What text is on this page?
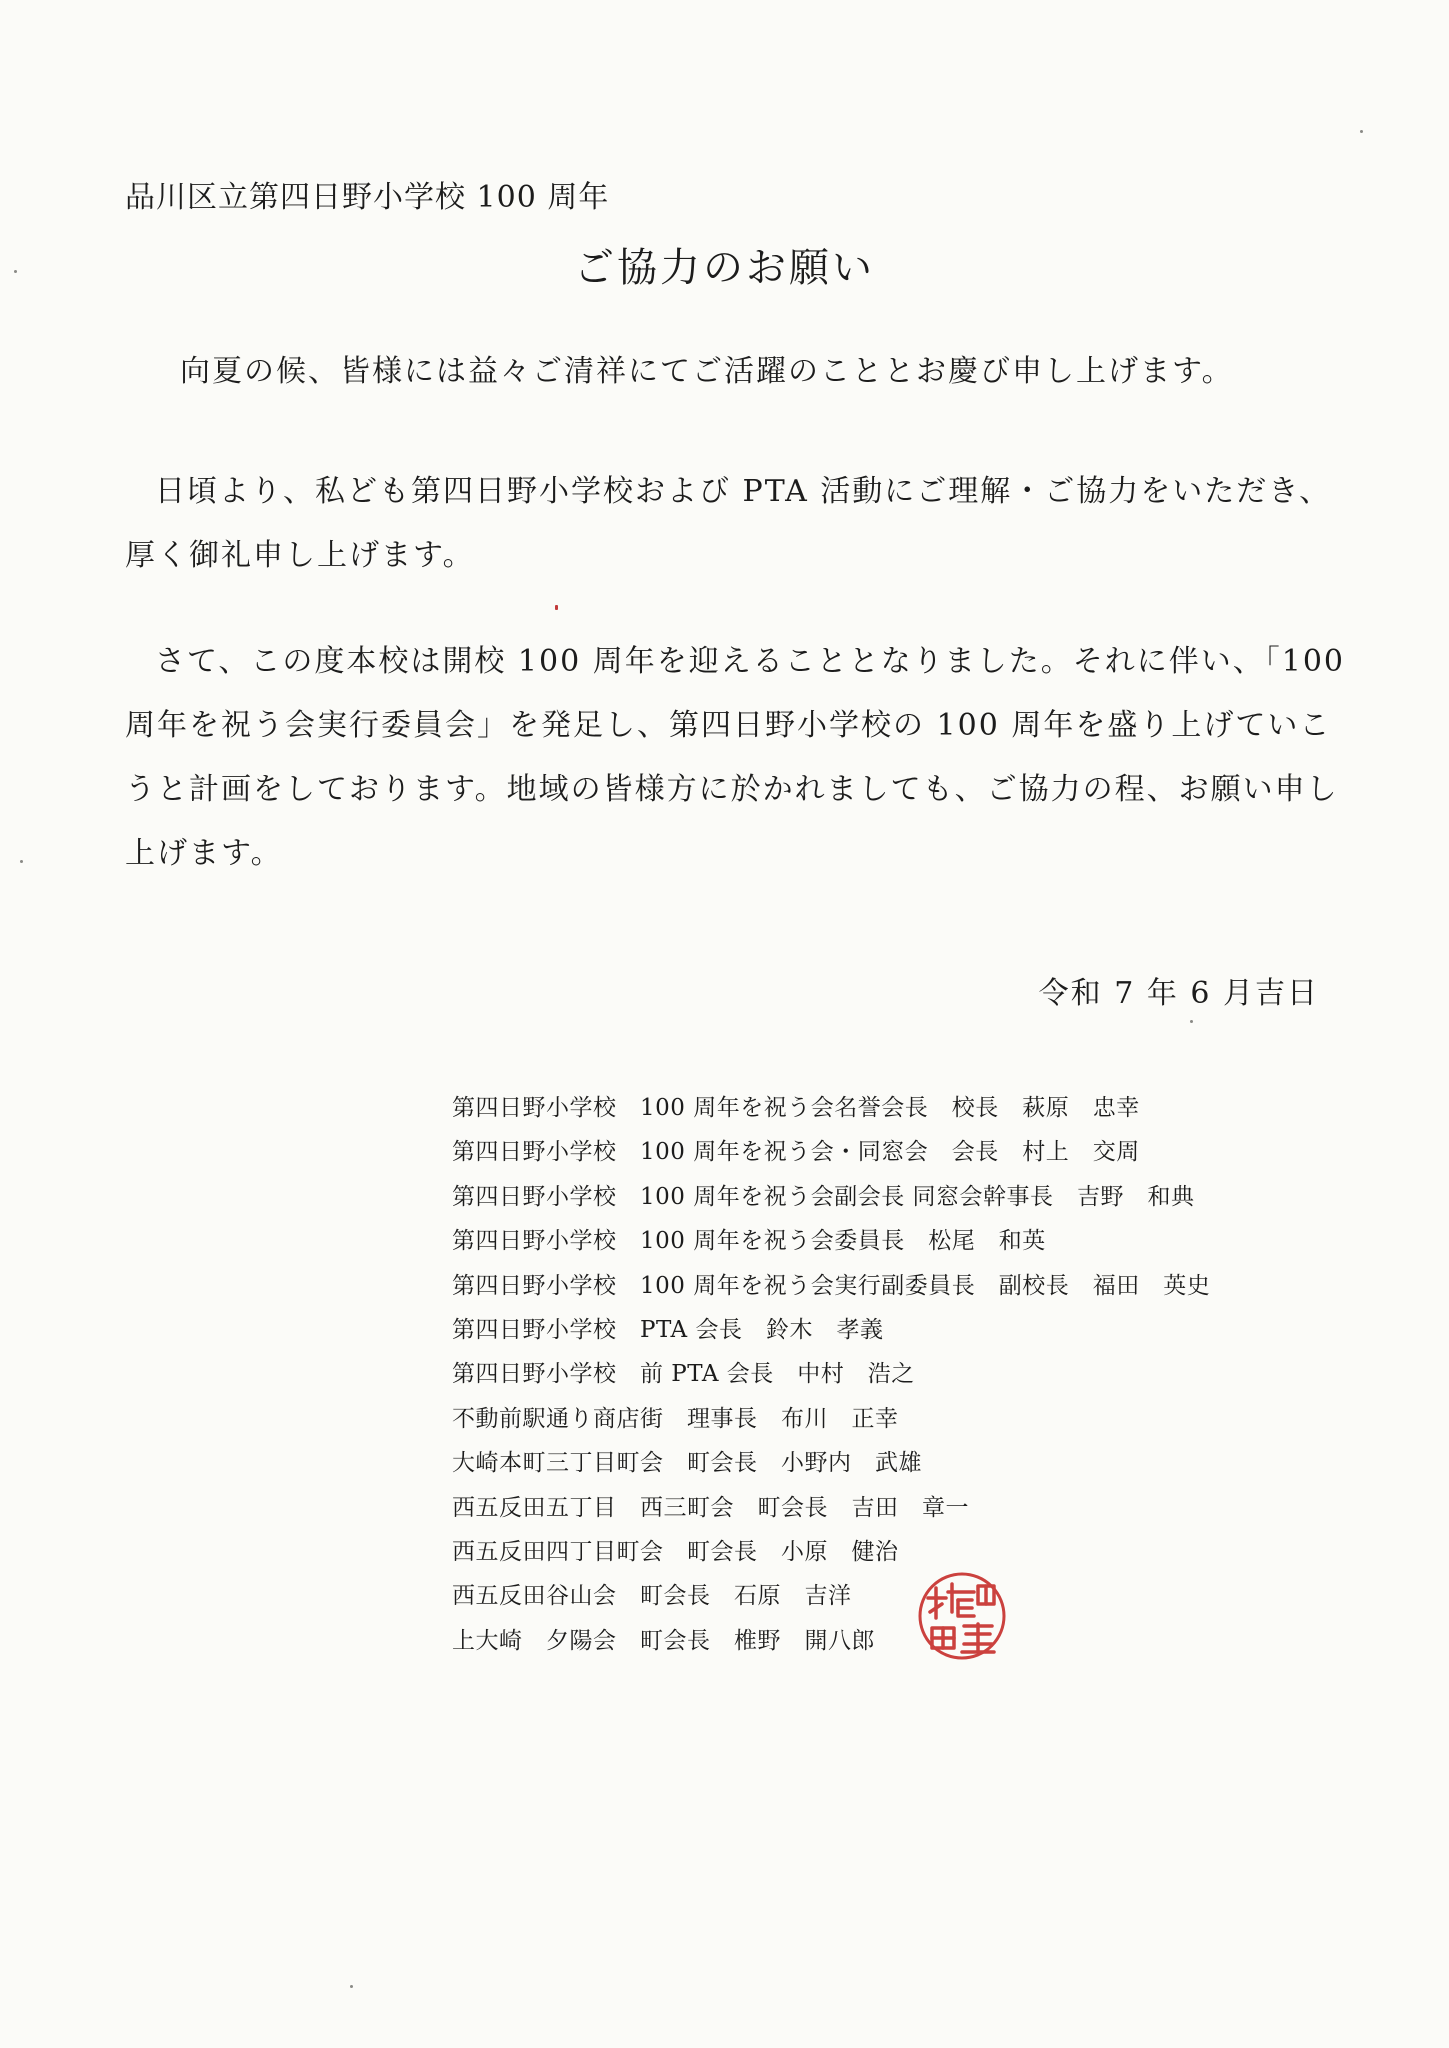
品川区立第四日野小学校 100 周年
ご協力のお願い

向夏の候、皆様には益々ご清祥にてご活躍のこととお慶び申し上げます。

日頃より、私ども第四日野小学校および PTA 活動にご理解・ご協力をいただき、厚く御礼申し上げます。

さて、この度本校は開校 100 周年を迎えることとなりました。それに伴い、「100 周年を祝う会実行委員会」を発足し、第四日野小学校の 100 周年を盛り上げていこうと計画をしております。地域の皆様方に於かれましても、ご協力の程、お願い申し上げます。

令和 7 年 6 月吉日
第四日野小学校　100 周年を祝う会名誉会長　校長　萩原　忠幸
第四日野小学校　100 周年を祝う会・同窓会　会長　村上　交周
第四日野小学校　100 周年を祝う会副会長 同窓会幹事長　吉野　和典
第四日野小学校　100 周年を祝う会委員長　松尾　和英
第四日野小学校　100 周年を祝う会実行副委員長　副校長　福田　英史
第四日野小学校　PTA 会長　鈴木　孝義
第四日野小学校　前 PTA 会長　中村　浩之
不動前駅通り商店街　理事長　布川　正幸
大崎本町三丁目町会　町会長　小野内　武雄
西五反田五丁目　西三町会　町会長　吉田　章一
西五反田四丁目町会　町会長　小原　健治
西五反田谷山会　町会長　石原　吉洋
上大崎　夕陽会　町会長　椎野　開八郎
